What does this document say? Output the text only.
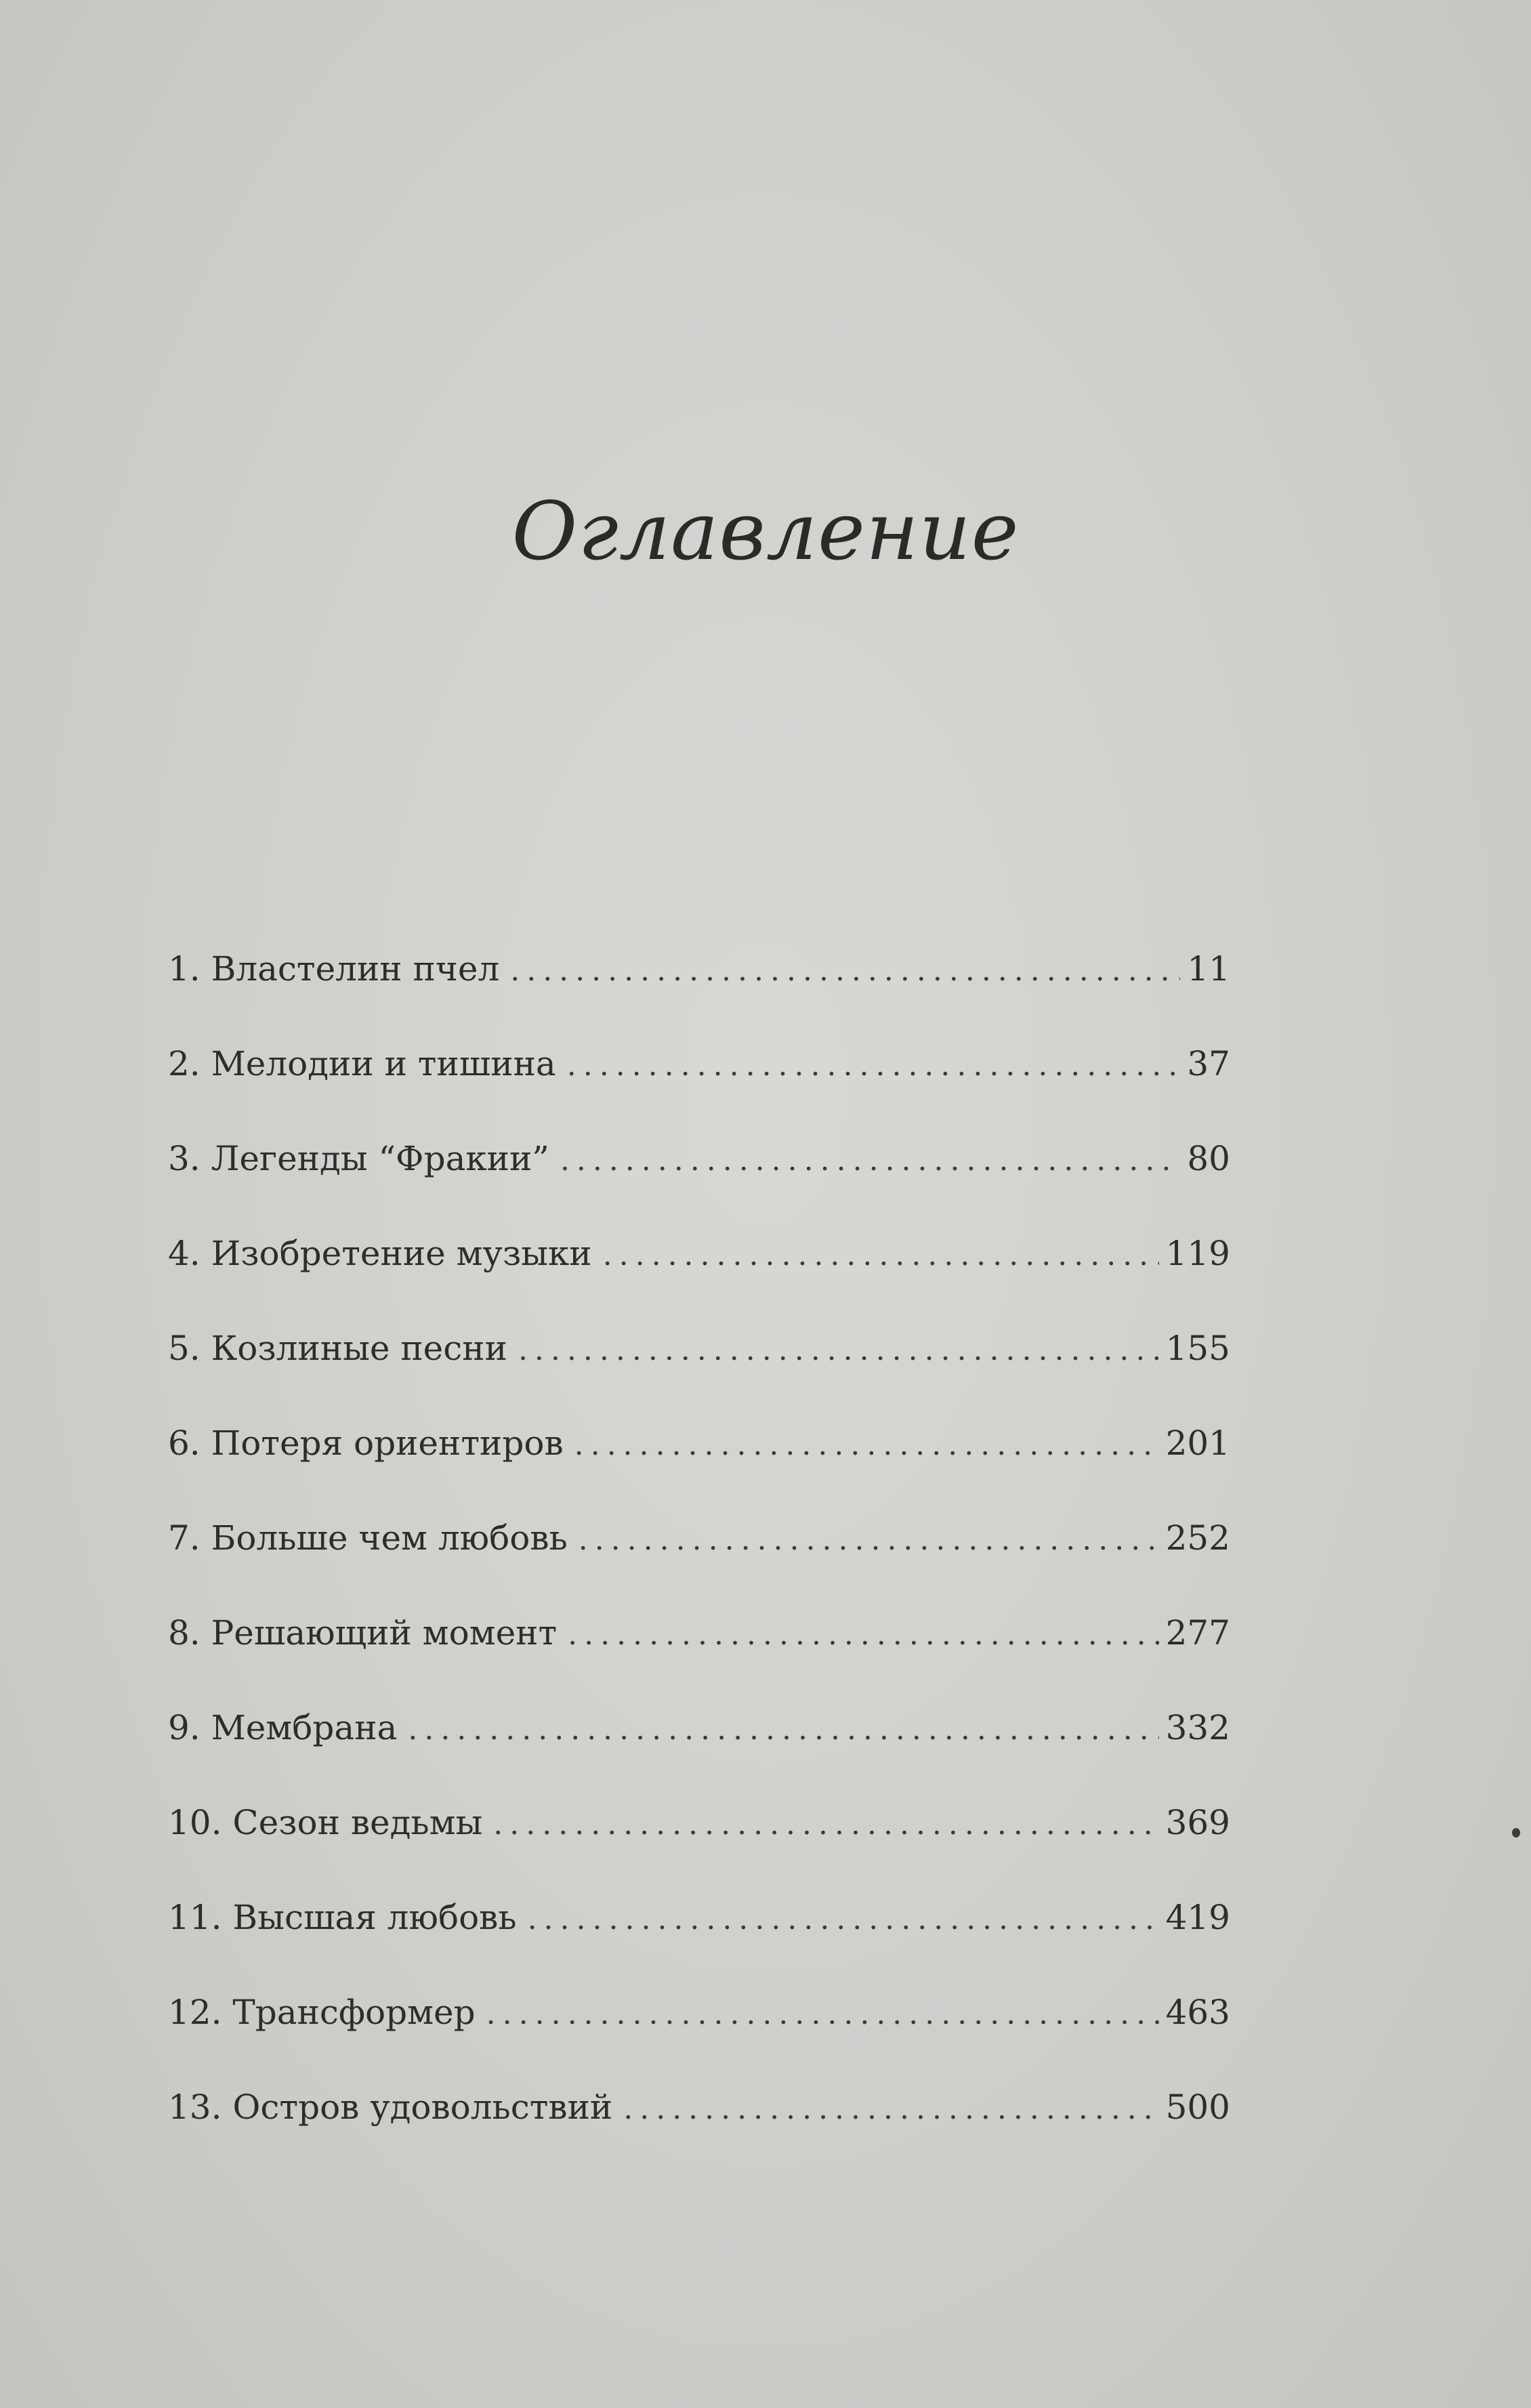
Оглавление
1. Властелин пчел .....	11
2. Мелодии и тишина .....	37
3. Легенды “Фракии” .....	80
4. Изобретение музыки .....	119
5. Козлиные песни .....	155
6. Потеря ориентиров .....	201
7. Больше чем любовь .....	252
8. Решающий момент .....	277
9. Мембрана .....	332
10. Сезон ведьмы .....	369
11. Высшая любовь .....	419
12. Трансформер .....	463
13. Остров удовольствий .....	500
